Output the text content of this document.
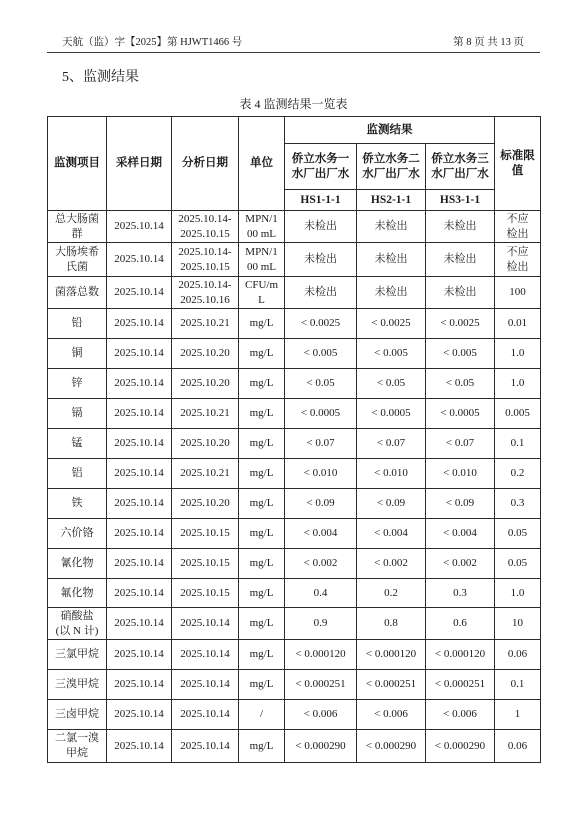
天航（监）字【2025】第 HJWT1466 号	第 8 页 共 13 页
5、监测结果
表 4 监测结果一览表
监测项目	采样日期	分析日期	单位	监测结果			标准限值
				侨立水务一水厂出厂水	侨立水务二水厂出厂水	侨立水务三水厂出厂水	
				HS1-1-1	HS2-1-1	HS3-1-1	
总大肠菌群	2025.10.14	2025.10.14-2025.10.15	MPN/100 mL	未检出	未检出	未检出	不应检出
大肠埃希氏菌	2025.10.14	2025.10.14-2025.10.15	MPN/100 mL	未检出	未检出	未检出	不应检出
菌落总数	2025.10.14	2025.10.14-2025.10.16	CFU/mL	未检出	未检出	未检出	100
铅	2025.10.14	2025.10.21	mg/L	< 0.0025	< 0.0025	< 0.0025	0.01
铜	2025.10.14	2025.10.20	mg/L	< 0.005	< 0.005	< 0.005	1.0
锌	2025.10.14	2025.10.20	mg/L	< 0.05	< 0.05	< 0.05	1.0
镉	2025.10.14	2025.10.21	mg/L	< 0.0005	< 0.0005	< 0.0005	0.005
锰	2025.10.14	2025.10.20	mg/L	< 0.07	< 0.07	< 0.07	0.1
铝	2025.10.14	2025.10.21	mg/L	< 0.010	< 0.010	< 0.010	0.2
铁	2025.10.14	2025.10.20	mg/L	< 0.09	< 0.09	< 0.09	0.3
六价铬	2025.10.14	2025.10.15	mg/L	< 0.004	< 0.004	< 0.004	0.05
氰化物	2025.10.14	2025.10.15	mg/L	< 0.002	< 0.002	< 0.002	0.05
氟化物	2025.10.14	2025.10.15	mg/L	0.4	0.2	0.3	1.0
硝酸盐(以 N 计)	2025.10.14	2025.10.14	mg/L	0.9	0.8	0.6	10
三氯甲烷	2025.10.14	2025.10.14	mg/L	< 0.000120	< 0.000120	< 0.000120	0.06
三溴甲烷	2025.10.14	2025.10.14	mg/L	< 0.000251	< 0.000251	< 0.000251	0.1
三卤甲烷	2025.10.14	2025.10.14	/	< 0.006	< 0.006	< 0.006	1
二氯一溴甲烷	2025.10.14	2025.10.14	mg/L	< 0.000290	< 0.000290	< 0.000290	0.06
